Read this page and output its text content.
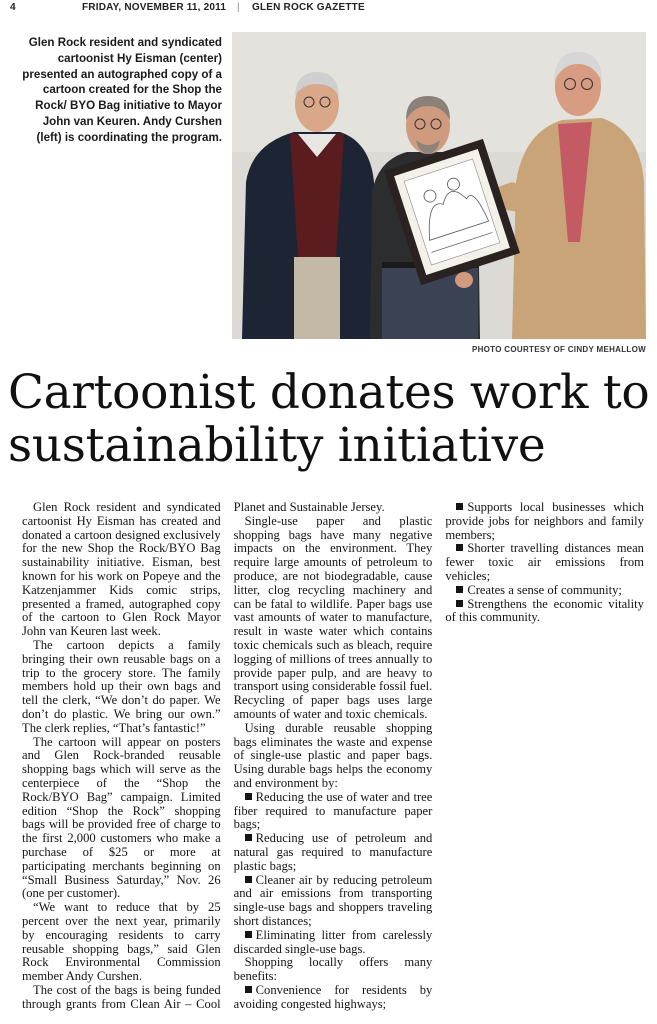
4	FRIDAY, NOVEMBER 11, 2011 | GLEN ROCK GAZETTE
Glen Rock resident and syndicated cartoonist Hy Eisman (center) presented an autographed copy of a cartoon created for the Shop the Rock/ BYO Bag initiative to Mayor John van Keuren. Andy Curshen (left) is coordinating the program.
PHOTO COURTESY OF CINDY MEHALLOW
Cartoonist donates work to sustainability initiative

Glen Rock resident and syndicated cartoonist Hy Eisman has created and donated a cartoon designed exclusively for the new Shop the Rock/BYO Bag sustainability initiative. Eisman, best known for his work on Popeye and the Katzenjammer Kids comic strips, presented a framed, autographed copy of the cartoon to Glen Rock Mayor John van Keuren last week.

The cartoon depicts a family bringing their own reusable bags on a trip to the grocery store. The family members hold up their own bags and tell the clerk, “We don’t do paper. We don’t do plastic. We bring our own.” The clerk replies, “That’s fantastic!”

The cartoon will appear on posters and Glen Rock-branded reusable shopping bags which will serve as the centerpiece of the “Shop the Rock/BYO Bag” campaign. Limited edition “Shop the Rock” shopping bags will be provided free of charge to the first 2,000 customers who make a purchase of $25 or more at participating merchants beginning on “Small Business Saturday,” Nov. 26 (one per customer).

“We want to reduce that by 25 percent over the next year, primarily by encouraging residents to carry reusable shopping bags,” said Glen Rock Environmental Commission member Andy Curshen.

The cost of the bags is being funded through grants from Clean Air – Cool Planet and Sustainable Jersey.

Single-use paper and plastic shopping bags have many negative impacts on the environment. They require large amounts of petroleum to produce, are not biodegradable, cause litter, clog recycling machinery and can be fatal to wildlife. Paper bags use vast amounts of water to manufacture, result in waste water which contains toxic chemicals such as bleach, require logging of millions of trees annually to provide paper pulp, and are heavy to transport using considerable fossil fuel. Recycling of paper bags uses large amounts of water and toxic chemicals.

Using durable reusable shopping bags eliminates the waste and expense of single-use plastic and paper bags. Using durable bags helps the economy and environment by:

Reducing the use of water and tree fiber required to manufacture paper bags;

Reducing use of petroleum and natural gas required to manufacture plastic bags;

Cleaner air by reducing petroleum and air emissions from transporting single-use bags and shoppers traveling short distances;

Eliminating litter from carelessly discarded single-use bags.

Shopping locally offers many benefits:

Convenience for residents by avoiding congested highways;

Supports local businesses which provide jobs for neighbors and family members;

Shorter travelling distances mean fewer toxic air emissions from vehicles;

Creates a sense of community;

Strengthens the economic vitality of this community.
